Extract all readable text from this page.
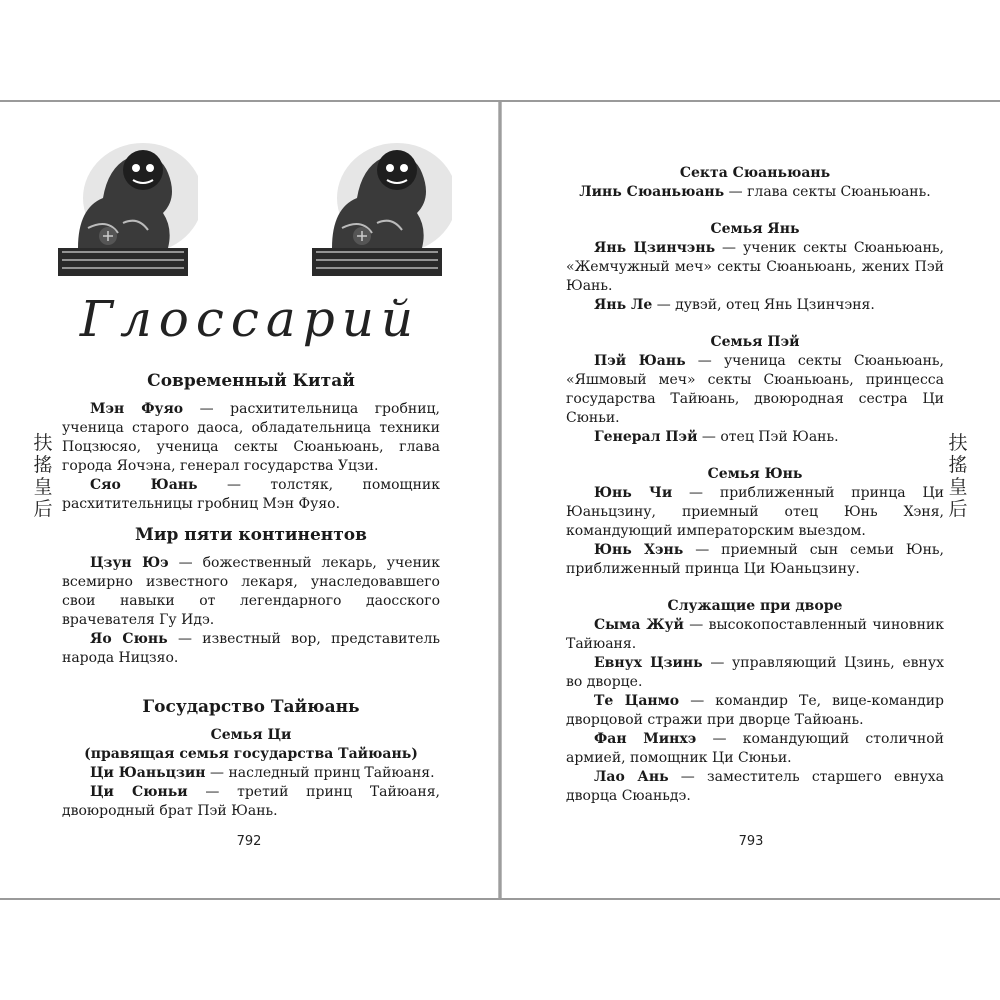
Глоссарий
扶
搖
皇
后
Современный Китай

Мэн Фуяо — расхитительница гробниц, ученица старого даоса, обладательница техники Поцзюсяо, ученица секты Сюаньюань, глава города Яочэна, генерал государства Уцзи.

Сяо Юань — толстяк, помощник расхитительницы гробниц Мэн Фуяо.

Мир пяти континентов

Цзун Юэ — божественный лекарь, ученик всемирно известного лекаря, унаследовавшего свои навыки от легендарного даосского врачевателя Гу Идэ.

Яо Сюнь — известный вор, представитель народа Ницзяо.

Государство Тайюань
Семья Ци
(правящая семья государства Тайюань)

Ци Юаньцзин — наследный принц Тайюаня.

Ци Сюньи — третий принц Тайюаня, двоюродный брат Пэй Юань.

792
Секта Сюаньюань

Линь Сюаньюань — глава секты Сюаньюань.

Семья Янь

Янь Цзинчэнь — ученик секты Сюаньюань, «Жемчужный меч» секты Сюаньюань, жених Пэй Юань.

Янь Ле — дувэй, отец Янь Цзинчэня.

Семья Пэй

Пэй Юань — ученица секты Сюаньюань, «Яшмовый меч» секты Сюаньюань, принцесса государства Тайюань, двоюродная сестра Ци Сюньи.

Генерал Пэй — отец Пэй Юань.

Семья Юнь

Юнь Чи — приближенный принца Ци Юаньцзину, приемный отец Юнь Хэня, командующий императорским выездом.

Юнь Хэнь — приемный сын семьи Юнь, приближенный принца Ци Юаньцзину.

Служащие при дворе

Сыма Жуй — высокопоставленный чиновник Тайюаня.

Евнух Цзинь — управляющий Цзинь, евнух во дворце.

Те Цанмо — командир Те, вице-командир дворцовой стражи при дворце Тайюань.

Фан Минхэ — командующий столичной армией, помощник Ци Сюньи.

Лао Ань — заместитель старшего евнуха дворца Сюаньдэ.

扶
搖
皇
后
793
